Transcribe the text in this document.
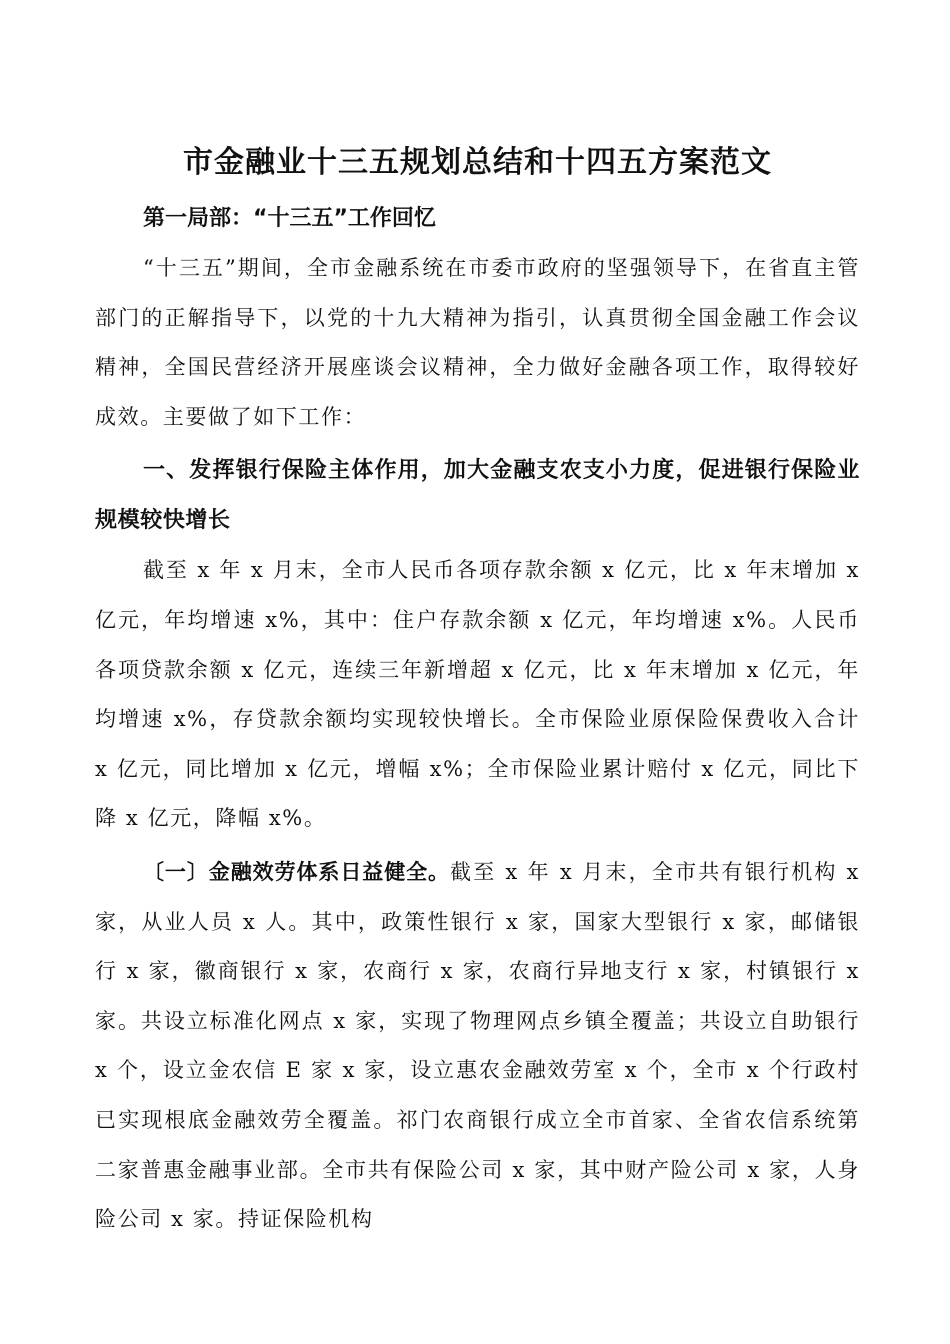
市金融业十三五规划总结和十四五方案范文
第一局部：“十三五”工作回忆

“十三五”期间，全市金融系统在市委市政府的坚强领导下，在省直主管部门的正解指导下，以党的十九大精神为指引，认真贯彻全国金融工作会议精神，全国民营经济开展座谈会议精神，全力做好金融各项工作，取得较好成效。主要做了如下工作：

一、发挥银行保险主体作用，加大金融支农支小力度，促进银行保险业规模较快增长

截至 x 年 x 月末，全市人民币各项存款余额 x 亿元，比 x 年末增加 x 亿元，年均增速 x%，其中：住户存款余额 x 亿元，年均增速 x%。人民币各项贷款余额 x 亿元，连续三年新增超 x 亿元，比 x 年末增加 x 亿元，年均增速 x%，存贷款余额均实现较快增长。全市保险业原保险保费收入合计 x 亿元，同比增加 x 亿元，增幅 x%；全市保险业累计赔付 x 亿元，同比下降 x 亿元，降幅 x%。

〔一〕金融效劳体系日益健全。截至 x 年 x 月末，全市共有银行机构 x 家，从业人员 x 人。其中，政策性银行 x 家，国家大型银行 x 家，邮储银行 x 家，徽商银行 x 家，农商行 x 家，农商行异地支行 x 家，村镇银行 x 家。共设立标准化网点 x 家，实现了物理网点乡镇全覆盖；共设立自助银行 x 个，设立金农信 E 家 x 家，设立惠农金融效劳室 x 个，全市 x 个行政村已实现根底金融效劳全覆盖。祁门农商银行成立全市首家、全省农信系统第二家普惠金融事业部。全市共有保险公司 x 家，其中财产险公司 x 家，人身险公司 x 家。持证保险机构
